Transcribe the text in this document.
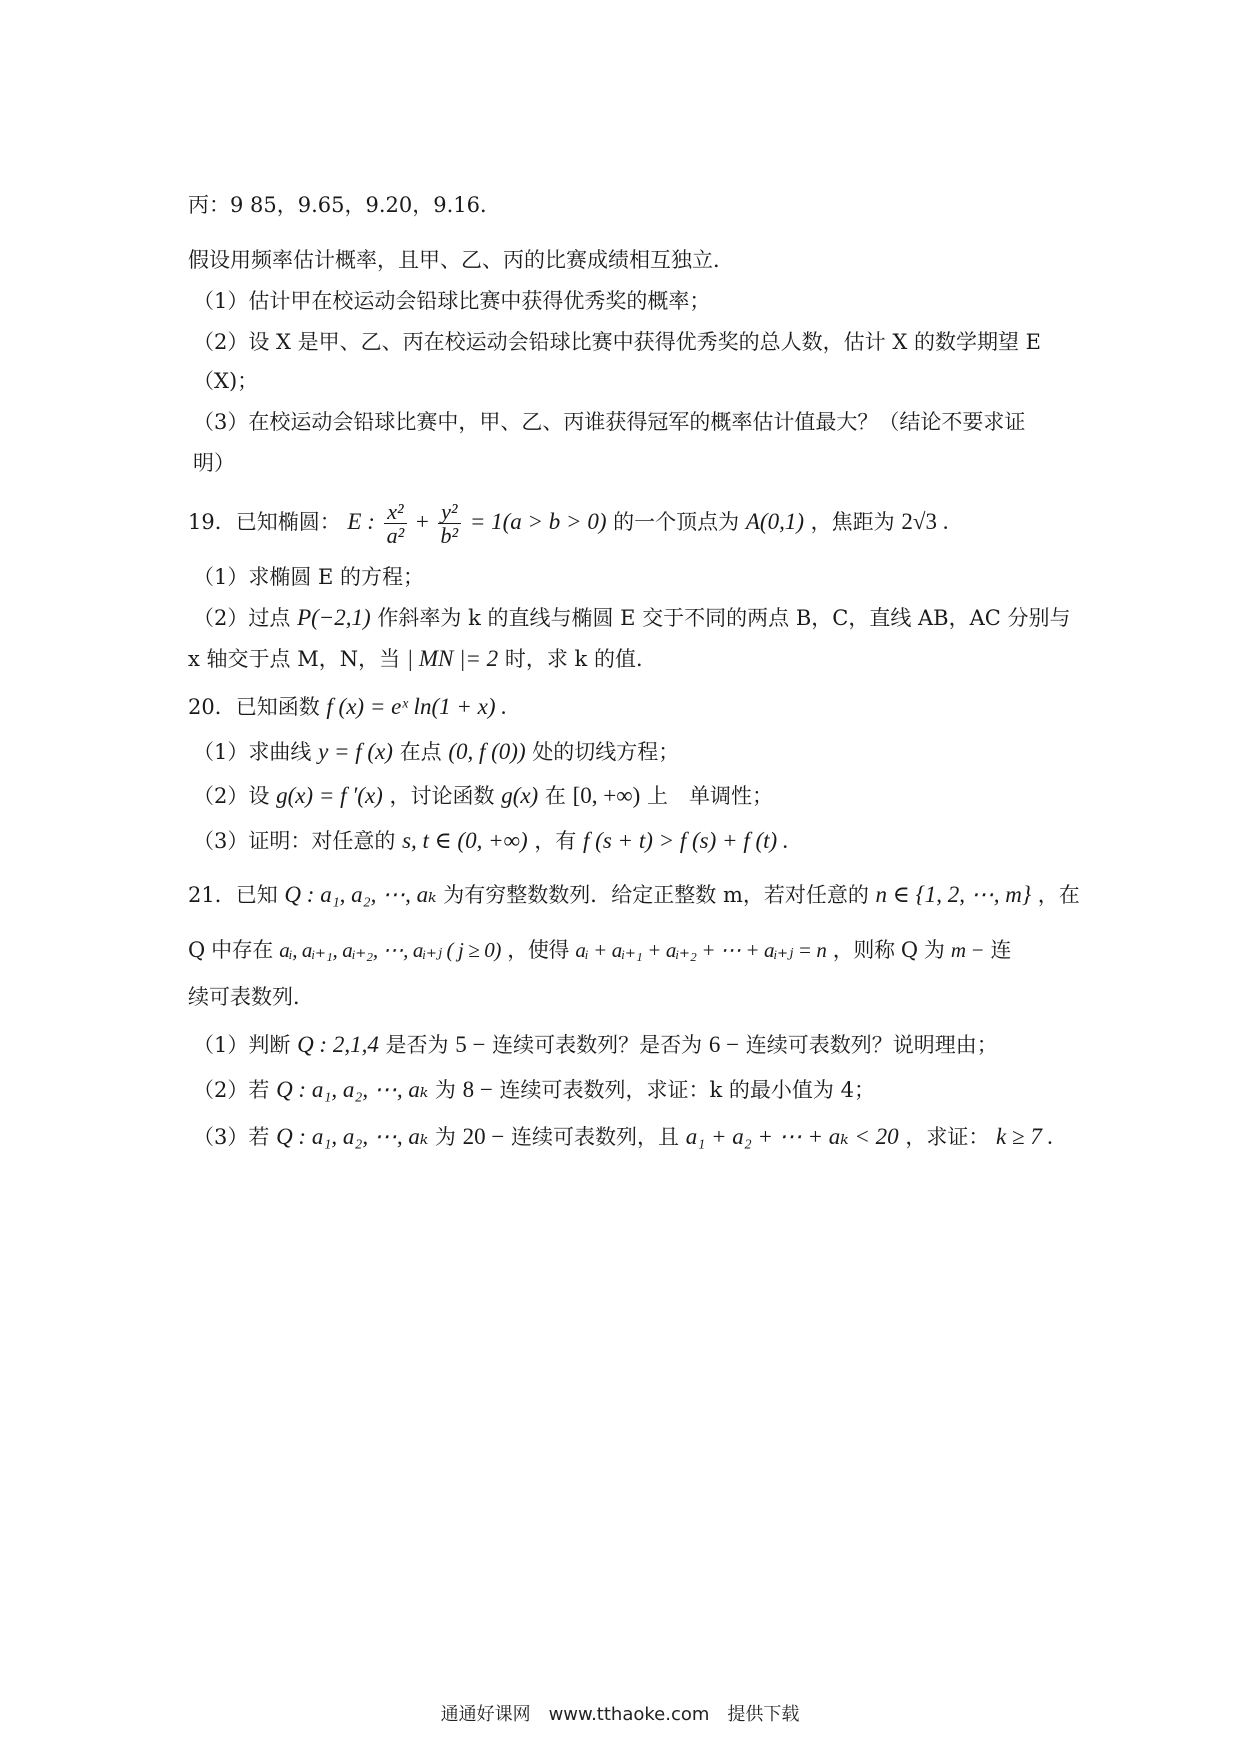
丙：9 85，9.65，9.20，9.16．
假设用频率估计概率，且甲、乙、丙的比赛成绩相互独立．
（1）估计甲在校运动会铅球比赛中获得优秀奖的概率；
（2）设 X 是甲、乙、丙在校运动会铅球比赛中获得优秀奖的总人数，估计 X 的数学期望 E
（X)；
（3）在校运动会铅球比赛中，甲、乙、丙谁获得冠军的概率估计值最大？（结论不要求证
明）
19．已知椭圆： E : $\frac{\text{x²}}{\text{a²}} + \frac{\text{y²}}{\text{b²}} = 1(a > b > 0)$ 的一个顶点为 A(0,1) ，焦距为 2√3 .
（1）求椭圆 E 的方程；
（2）过点 P(−2,1) 作斜率为 k 的直线与椭圆 E 交于不同的两点 B，C，直线 AB，AC 分别与
x 轴交于点 M，N，当 | MN |= 2 时，求 k 的值．
20．已知函数 f (x) = eˣ ln(1 + x) .
（1）求曲线 y = f (x) 在点 (0, f (0)) 处的切线方程；
（2）设 g(x) = f ′(x) ，讨论函数 g(x) 在 [0, +∞) 上　单调性；
（3）证明：对任意的 s, t ∈ (0, +∞) ，有 f (s + t) > f (s) + f (t) .
21．已知 Q : a₁, a₂, ⋯, aₖ 为有穷整数数列．给定正整数 m，若对任意的 n ∈ {1, 2, ⋯, m} ，在
Q 中存在 aᵢ, aᵢ₊₁, aᵢ₊₂, ⋯, aᵢ₊ⱼ ( j ≥ 0) ，使得 aᵢ + aᵢ₊₁ + aᵢ₊₂ + ⋯ + aᵢ₊ⱼ = n ，则称 Q 为 m − 连
续可表数列．
（1）判断 Q : 2,1,4 是否为 5 − 连续可表数列？是否为 6 − 连续可表数列？说明理由；
（2）若 Q : a₁, a₂, ⋯, aₖ 为 8 − 连续可表数列，求证：k 的最小值为 4；
（3）若 Q : a₁, a₂, ⋯, aₖ 为 20 − 连续可表数列，且 a₁ + a₂ + ⋯ + aₖ < 20 ，求证： k ≥ 7 .
通通好课网　www.tthaoke.com　提供下载
